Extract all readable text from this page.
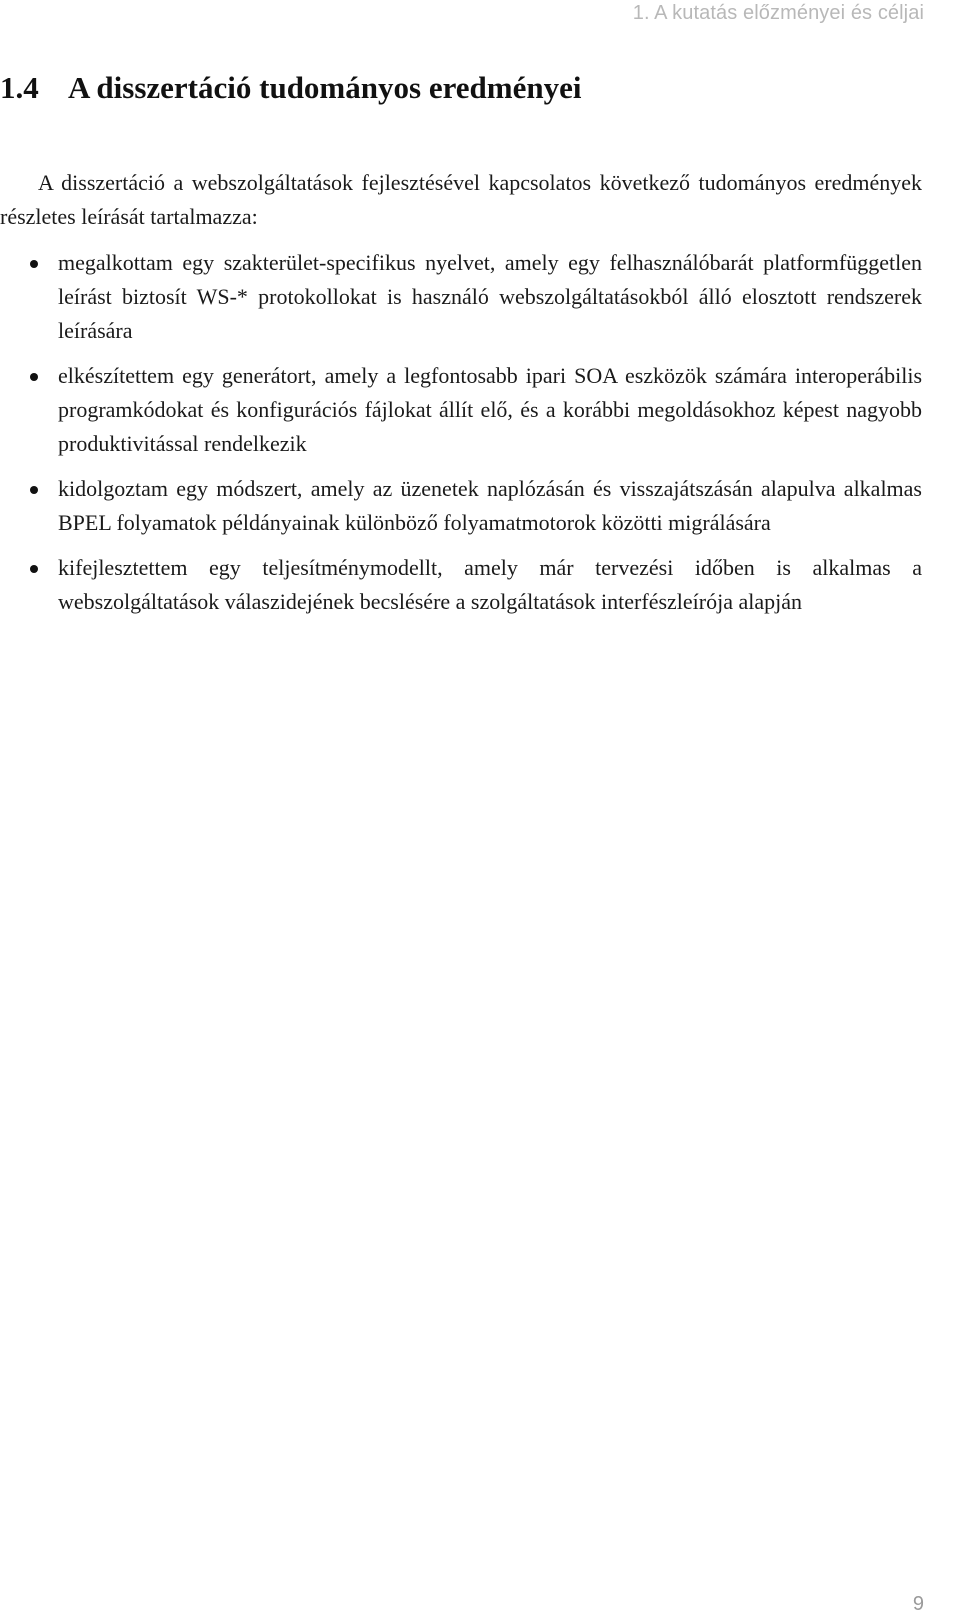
1. A kutatás előzményei és céljai
1.4 A disszertáció tudományos eredményei

A disszertáció a webszolgáltatások fejlesztésével kapcsolatos következő tudományos eredmények részletes leírását tartalmazza:

megalkottam egy szakterület-specifikus nyelvet, amely egy felhasználóbarát platformfüggetlen leírást biztosít WS-* protokollokat is használó webszolgáltatásokból álló elosztott rendszerek leírására
elkészítettem egy generátort, amely a legfontosabb ipari SOA eszközök számára interoperábilis programkódokat és konfigurációs fájlokat állít elő, és a korábbi megoldásokhoz képest nagyobb produktivitással rendelkezik
kidolgoztam egy módszert, amely az üzenetek naplózásán és visszajátszásán alapulva alkalmas BPEL folyamatok példányainak különböző folyamatmotorok közötti migrálására
kifejlesztettem egy teljesítménymodellt, amely már tervezési időben is alkalmas a webszolgáltatások válaszidejének becslésére a szolgáltatások interfészleírója alapján
9
